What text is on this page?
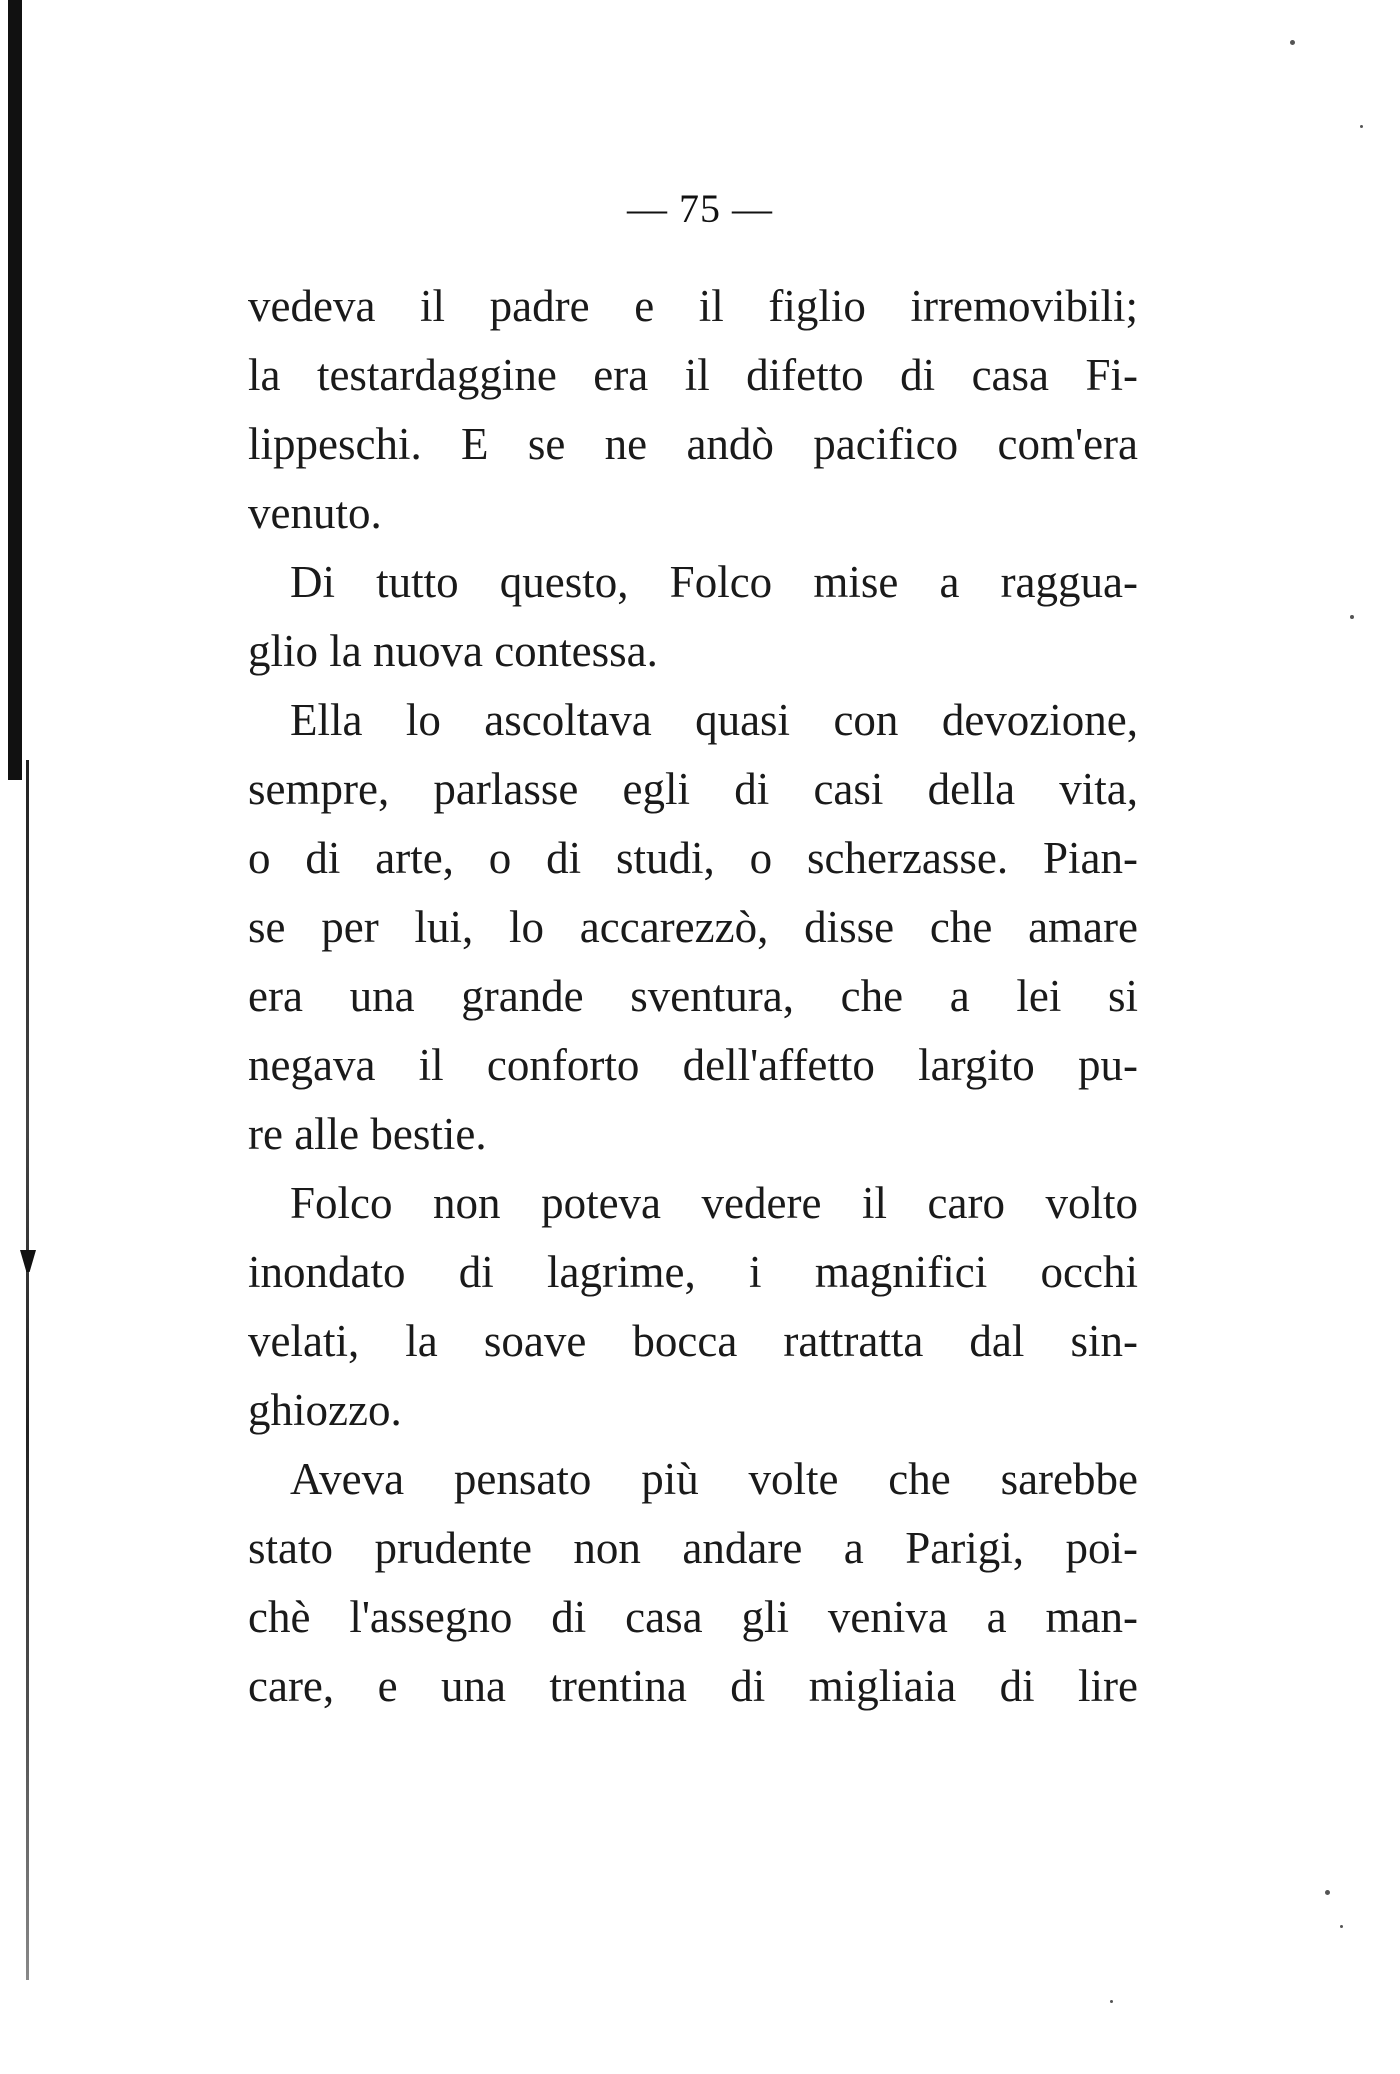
— 75 —
vedeva il padre e il figlio irremovibili;
la testardaggine era il difetto di casa Fi-
lippeschi. E se ne andò pacifico com'era
venuto.
Di tutto questo, Folco mise a ragguа-
glio la nuova contessa.
Ella lo ascoltava quasi con devozione,
sempre, parlasse egli di casi della vita,
o di arte, o di studi, o scherzasse. Pian-
se per lui, lo accarezzò, disse che amare
era una grande sventura, che a lei si
negava il conforto dell'affetto largito pu-
re alle bestie.
Folco non poteva vedere il caro volto
inondato di lagrime, i magnifici occhi
velati, la soave bocca rattratta dal sin-
ghiozzo.
Aveva pensato più volte che sarebbe
stato prudente non andare a Parigi, poi-
chè l'assegno di casa gli veniva a man-
care, e una trentina di migliaia di lire
